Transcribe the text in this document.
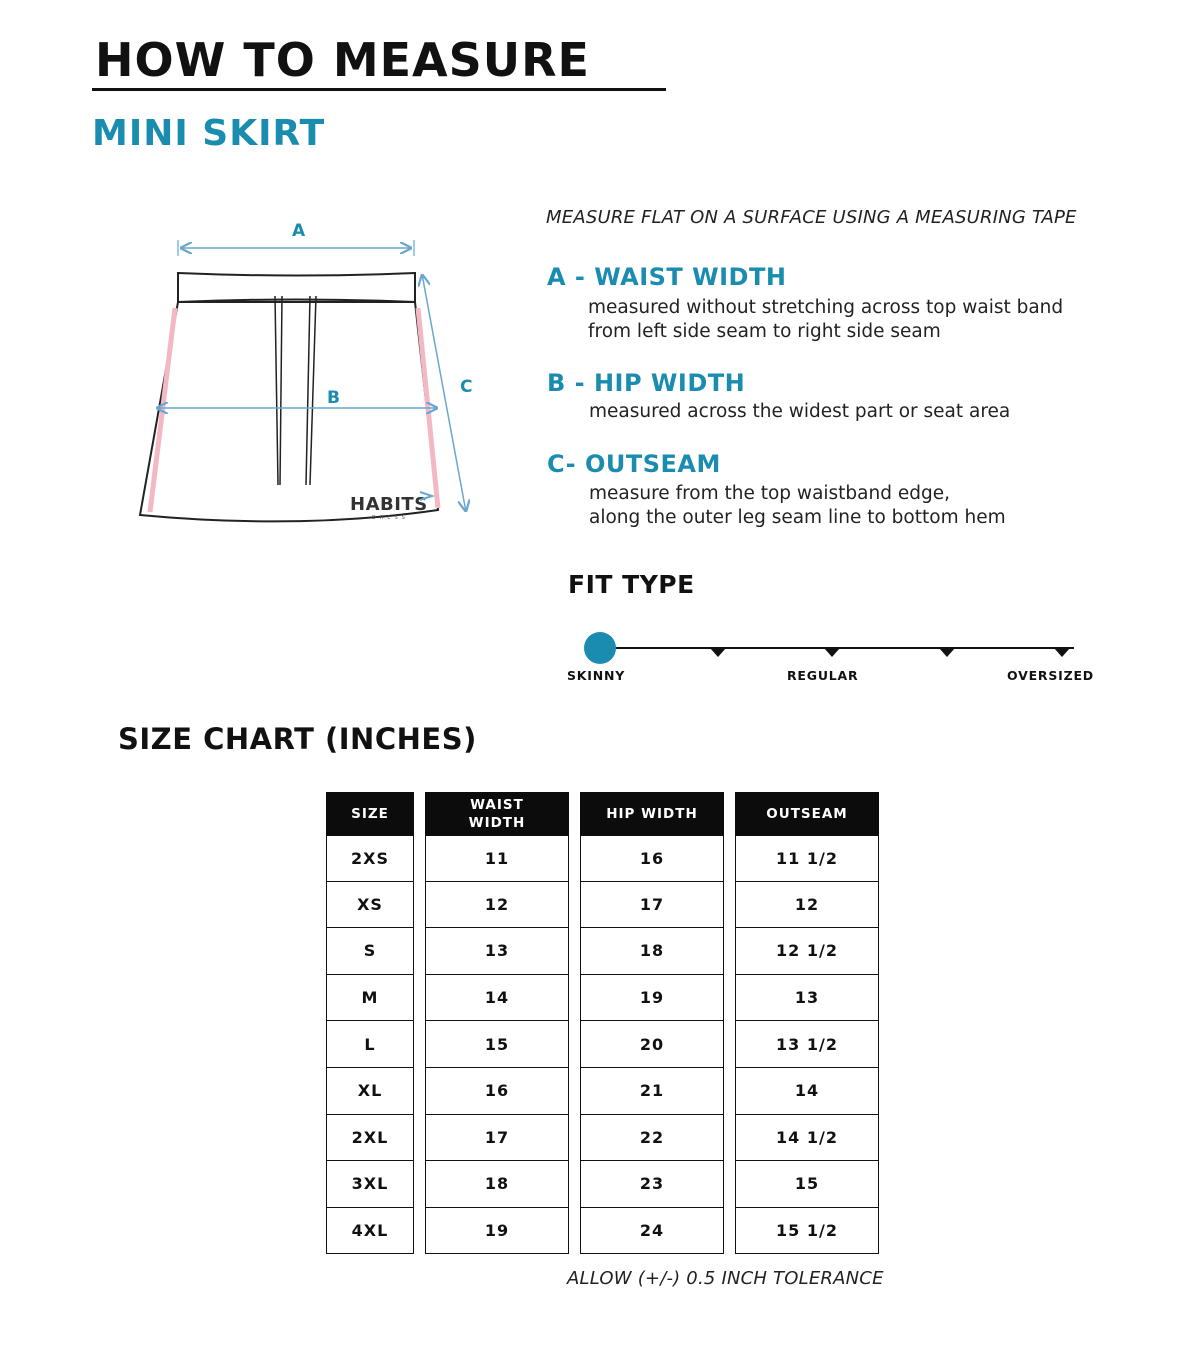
HOW TO MEASURE
MINI SKIRT
A
B
C
HABITS
DRESS
MEASURE FLAT ON A SURFACE USING A MEASURING TAPE
A - WAIST WIDTH
measured without stretching across top waist band
from left side seam to right side seam
B - HIP WIDTH
measured across the widest part or seat area
C- OUTSEAM
measure from the top waistband edge,
along the outer leg seam line to bottom hem
FIT TYPE
SKINNY	REGULAR	OVERSIZED
SIZE CHART (INCHES)
SIZE
2XS
XS
S
M
L
XL
2XL
3XL
4XL
WAIST
WIDTH
11
12
13
14
15
16
17
18
19
HIP WIDTH
16
17
18
19
20
21
22
23
24
OUTSEAM
11 1/2
12
12 1/2
13
13 1/2
14
14 1/2
15
15 1/2
ALLOW (+/-) 0.5 INCH TOLERANCE
